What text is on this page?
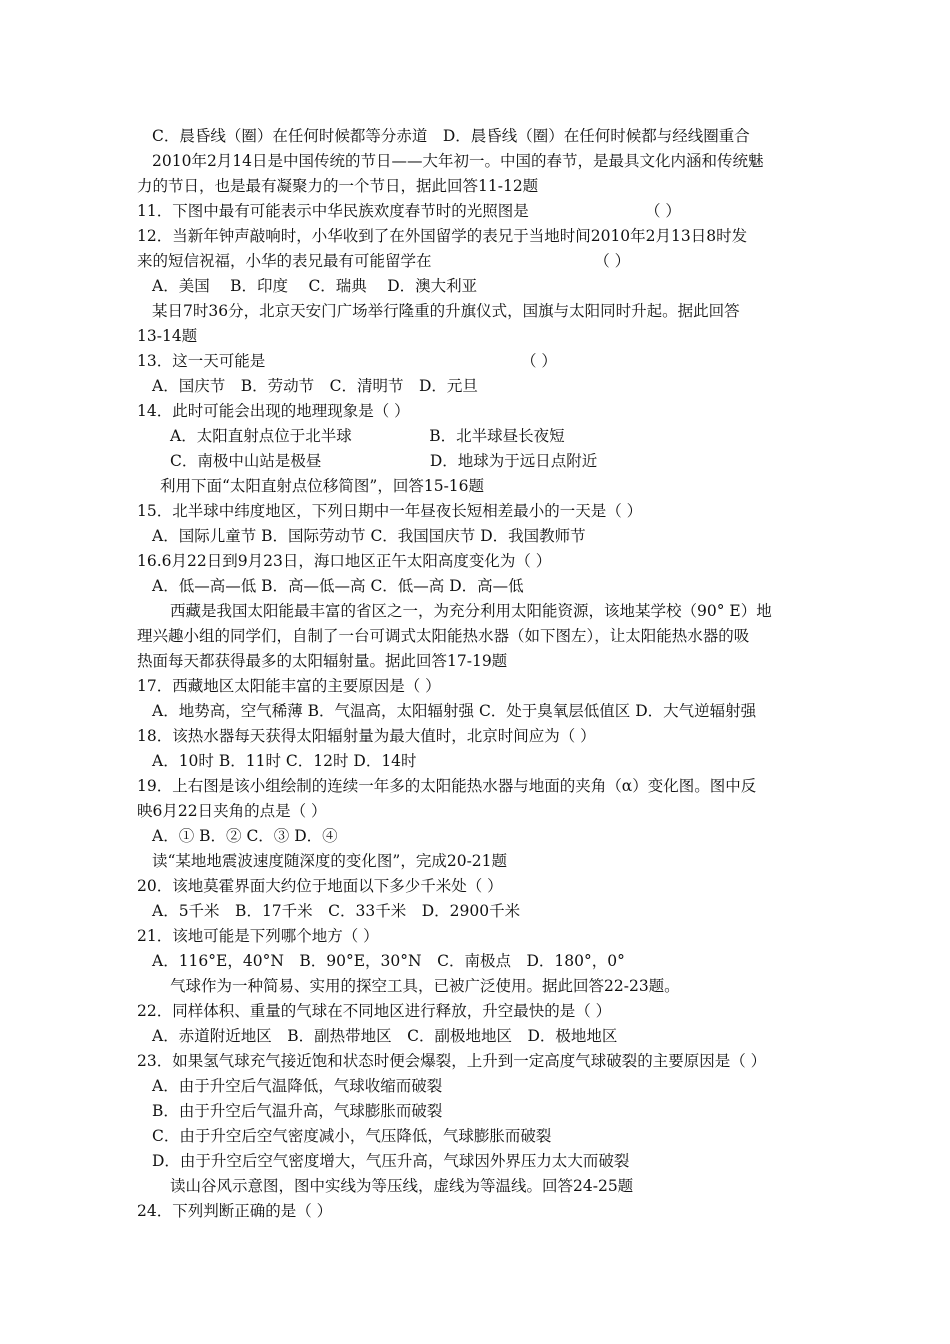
C．晨昏线（圈）在任何时候都等分赤道　D．晨昏线（圈）在任何时候都与经线圈重合
2010年2月14日是中国传统的节日——大年初一。中国的春节，是最具文化内涵和传统魅
力的节日，也是最有凝聚力的一个节日，据此回答11-12题
11．下图中最有可能表示中华民族欢度春节时的光照图是　　　　　　　　（ ）
12．当新年钟声敲响时，小华收到了在外国留学的表兄于当地时间2010年2月13日8时发
来的短信祝福，小华的表兄最有可能留学在　　　　　　　　　　　（ ）
A．美国　 B．印度　 C．瑞典　 D．澳大利亚
某日7时36分，北京天安门广场举行隆重的升旗仪式，国旗与太阳同时升起。据此回答
13-14题
13．这一天可能是　　　　　　　　　　　　　　　　　（ ）
A．国庆节　B．劳动节　C．清明节　D．元旦
14．此时可能会出现的地理现象是（ ）
A．太阳直射点位于北半球　　　　　B．北半球昼长夜短
C．南极中山站是极昼　　　　　　　D．地球为于远日点附近
利用下面“太阳直射点位移简图”，回答15-16题
15．北半球中纬度地区，下列日期中一年昼夜长短相差最小的一天是（ ）
A．国际儿童节 B．国际劳动节 C．我国国庆节 D．我国教师节
16.6月22日到9月23日，海口地区正午太阳高度变化为（ ）
A．低—高—低 B．高—低—高 C．低—高 D．高—低
西藏是我国太阳能最丰富的省区之一，为充分利用太阳能资源，该地某学校（90° E）地
理兴趣小组的同学们，自制了一台可调式太阳能热水器（如下图左），让太阳能热水器的吸
热面每天都获得最多的太阳辐射量。据此回答17-19题
17．西藏地区太阳能丰富的主要原因是（ ）
A．地势高，空气稀薄 B．气温高，太阳辐射强 C．处于臭氧层低值区 D．大气逆辐射强
18．该热水器每天获得太阳辐射量为最大值时，北京时间应为（ ）
A．10时 B．11时 C．12时 D．14时
19．上右图是该小组绘制的连续一年多的太阳能热水器与地面的夹角（α）变化图。图中反
映6月22日夹角的点是（ ）
A．① B．② C．③ D．④
读“某地地震波速度随深度的变化图”，完成20-21题
20．该地莫霍界面大约位于地面以下多少千米处（ ）
A．5千米　B．17千米　C．33千米　D．2900千米
21．该地可能是下列哪个地方（ ）
A．116°E，40°N　B．90°E，30°N　C．南极点　D．180°，0°
气球作为一种简易、实用的探空工具，已被广泛使用。据此回答22-23题。
22．同样体积、重量的气球在不同地区进行释放，升空最快的是（ ）
A．赤道附近地区　B．副热带地区　C．副极地地区　D．极地地区
23．如果氢气球充气接近饱和状态时便会爆裂，上升到一定高度气球破裂的主要原因是（ ）
A．由于升空后气温降低，气球收缩而破裂
B．由于升空后气温升高，气球膨胀而破裂
C．由于升空后空气密度减小，气压降低，气球膨胀而破裂
D．由于升空后空气密度增大，气压升高，气球因外界压力太大而破裂
读山谷风示意图，图中实线为等压线，虚线为等温线。回答24-25题
24．下列判断正确的是（ ）
